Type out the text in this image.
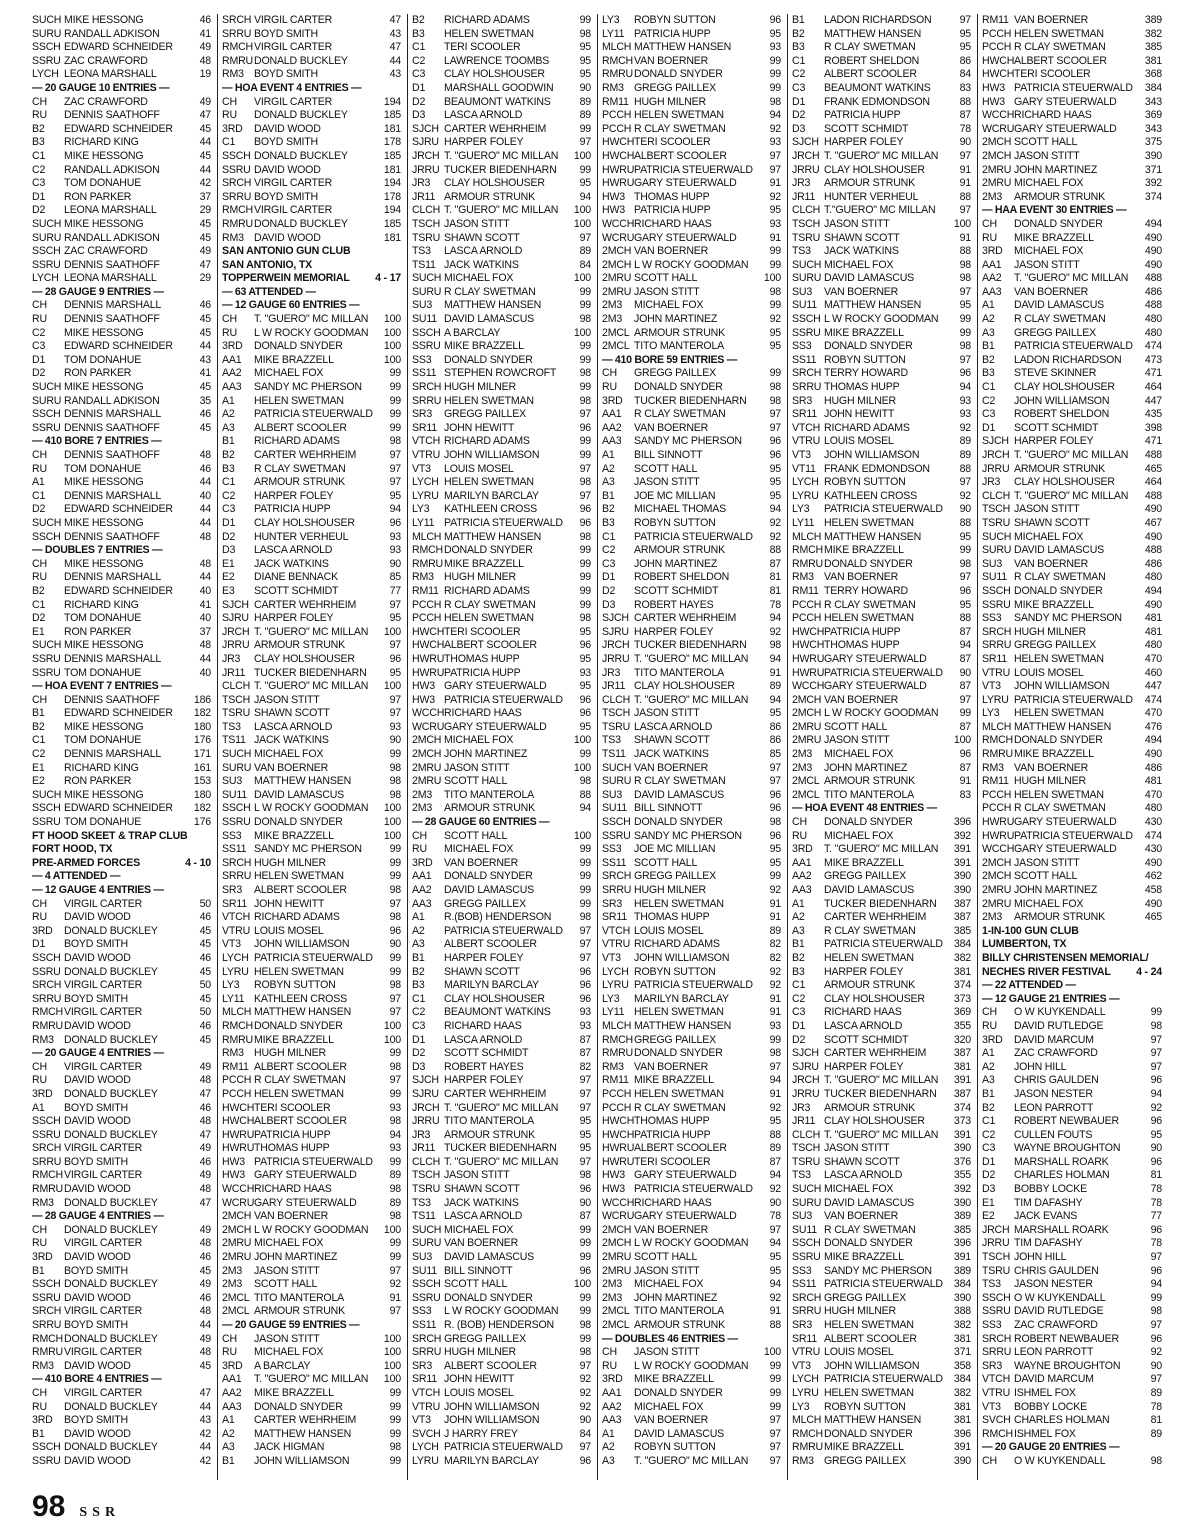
SUCH MIKE HESSONG	46
SURU RANDALL ADKISON	41
SSCH EDWARD SCHNEIDER	49
SSRU ZAC CRAWFORD	48
LYCH LEONA MARSHALL	19
— 20 GAUGE 10 ENTRIES —
CH	ZAC CRAWFORD	49
RU	DENNIS SAATHOFF	47
B2	EDWARD SCHNEIDER	45
B3	RICHARD KING	44
C1	MIKE HESSONG	45
C2	RANDALL ADKISON	44
C3	TOM DONAHUE	42
D1	RON PARKER	37
D2	LEONA MARSHALL	29
SUCH MIKE HESSONG	45
SURU RANDALL ADKISON	45
SSCH ZAC CRAWFORD	49
SSRU DENNIS SAATHOFF	47
LYCH LEONA MARSHALL	29
— 28 GAUGE 9 ENTRIES —
CH	DENNIS MARSHALL	46
RU	DENNIS SAATHOFF	45
C2	MIKE HESSONG	45
C3	EDWARD SCHNEIDER	44
D1	TOM DONAHUE	43
D2	RON PARKER	41
SUCH MIKE HESSONG	45
SURU RANDALL ADKISON	35
SSCH DENNIS MARSHALL	46
SSRU DENNIS SAATHOFF	45
— 410 BORE 7 ENTRIES —
CH	DENNIS SAATHOFF	48
RU	TOM DONAHUE	46
A1	MIKE HESSONG	44
C1	DENNIS MARSHALL	40
D2	EDWARD SCHNEIDER	44
SUCH MIKE HESSONG	44
SSCH DENNIS SAATHOFF	48
— DOUBLES 7 ENTRIES —
CH	MIKE HESSONG	48
RU	DENNIS MARSHALL	44
B2	EDWARD SCHNEIDER	40
C1	RICHARD KING	41
D2	TOM DONAHUE	40
E1	RON PARKER	37
SUCH MIKE HESSONG	48
SSRU DENNIS MARSHALL	44
SSRU TOM DONAHUE	40
— HOA EVENT 7 ENTRIES —
CH	DENNIS SAATHOFF	186
B1	EDWARD SCHNEIDER	182
B2	MIKE HESSONG	180
C1	TOM DONAHUE	176
C2	DENNIS MARSHALL	171
E1	RICHARD KING	161
E2	RON PARKER	153
SUCH MIKE HESSONG	180
SSCH EDWARD SCHNEIDER	182
SSRU TOM DONAHUE	176
FT HOOD SKEET & TRAP CLUB
FORT HOOD, TX
PRE-ARMED FORCES	4 - 10
— 4 ATTENDED —
— 12 GAUGE 4 ENTRIES —
CH	VIRGIL CARTER	50
RU	DAVID WOOD	46
3RD	DONALD BUCKLEY	45
D1	BOYD SMITH	45
SSCH DAVID WOOD	46
SSRU DONALD BUCKLEY	45
SRCH VIRGIL CARTER	50
SRRU BOYD SMITH	45
RMCH VIRGIL CARTER	50
RMRU DAVID WOOD	46
RM3 DONALD BUCKLEY	45
— 20 GAUGE 4 ENTRIES —
CH	VIRGIL CARTER	49
RU	DAVID WOOD	48
3RD	DONALD BUCKLEY	47
A1	BOYD SMITH	46
SSCH DAVID WOOD	48
SSRU DONALD BUCKLEY	47
SRCH VIRGIL CARTER	49
SRRU BOYD SMITH	46
RMCH VIRGIL CARTER	49
RMRU DAVID WOOD	48
RM3 DONALD BUCKLEY	47
— 28 GAUGE 4 ENTRIES —
CH	DONALD BUCKLEY	49
RU	VIRGIL CARTER	48
3RD	DAVID WOOD	46
B1	BOYD SMITH	45
SSCH DONALD BUCKLEY	49
SSRU DAVID WOOD	46
SRCH VIRGIL CARTER	48
SRRU BOYD SMITH	44
RMCH DONALD BUCKLEY	49
RMRU VIRGIL CARTER	48
RM3 DAVID WOOD	45
— 410 BORE 4 ENTRIES —
CH	VIRGIL CARTER	47
RU	DONALD BUCKLEY	44
3RD	BOYD SMITH	43
B1	DAVID WOOD	42
SSCH DONALD BUCKLEY	44
SSRU DAVID WOOD	42
SRCH VIRGIL CARTER	47
SRRU BOYD SMITH	43
RMCH VIRGIL CARTER	47
RMRU DONALD BUCKLEY	44
RM3 BOYD SMITH	43
— HOA EVENT 4 ENTRIES —
CH	VIRGIL CARTER	194
RU	DONALD BUCKLEY	185
3RD	DAVID WOOD	181
C1	BOYD SMITH	178
SSCH DONALD BUCKLEY	185
SSRU DAVID WOOD	181
SRCH VIRGIL CARTER	194
SRRU BOYD SMITH	178
RMCH VIRGIL CARTER	194
RMRU DONALD BUCKLEY	185
RM3 DAVID WOOD	181
SAN ANTONIO GUN CLUB
SAN ANTONIO, TX
TOPPERWEIN MEMORIAL 4 - 17
— 63 ATTENDED —
— 12 GAUGE 60 ENTRIES —
CH	T. "GUERO" MC MILLAN	100
RU	L W ROCKY GOODMAN	100
3RD	DONALD SNYDER	100
AA1	MIKE BRAZZELL	100
AA2	MICHAEL FOX	99
AA3	SANDY MC PHERSON	99
A1	HELEN SWETMAN	99
A2	PATRICIA STEUERWALD	99
A3	ALBERT SCOOLER	99
B1	RICHARD ADAMS	98
B2	CARTER WEHRHEIM	97
B3	R CLAY SWETMAN	97
C1	ARMOUR STRUNK	97
C2	HARPER FOLEY	95
C3	PATRICIA HUPP	94
D1	CLAY HOLSHOUSER	96
D2	HUNTER VERHEUL	93
D3	LASCA ARNOLD	93
E1	JACK WATKINS	90
E2	DIANE BENNACK	85
E3	SCOTT SCHMIDT	77
SJCH CARTER WEHRHEIM	97
SJRU HARPER FOLEY	95
JRCH T. "GUERO" MC MILLAN	100
JRRU ARMOUR STRUNK	97
JR3	CLAY HOLSHOUSER	96
JR11 TUCKER BIEDENHARN	95
CLCH T. "GUERO" MC MILLAN	100
TSCH JASON STITT	97
TSRU SHAWN SCOTT	97
TS3	LASCA ARNOLD	93
TS11 JACK WATKINS	90
SUCH MICHAEL FOX	99
SURU VAN BOERNER	98
SU3	MATTHEW HANSEN	98
SU11 DAVID LAMASCUS	98
SSCH L W ROCKY GOODMAN	100
SSRU DONALD SNYDER	100
SS3	MIKE BRAZZELL	100
SS11 SANDY MC PHERSON	99
SRCH HUGH MILNER	99
SRRU HELEN SWETMAN	99
SR3	ALBERT SCOOLER	98
SR11 JOHN HEWITT	97
VTCH RICHARD ADAMS	98
VTRU LOUIS MOSEL	96
VT3	JOHN WILLIAMSON	90
LYCH PATRICIA STEUERWALD	99
LYRU HELEN SWETMAN	99
LY3	ROBYN SUTTON	98
LY11 KATHLEEN CROSS	97
MLCH MATTHEW HANSEN	97
RMCH DONALD SNYDER	100
RMRU MIKE BRAZZELL	100
RM3 HUGH MILNER	99
RM11 ALBERT SCOOLER	98
PCCH R CLAY SWETMAN	97
PCCH HELEN SWETMAN	99
HWCH TERI SCOOLER	93
HWCH ALBERT SCOOLER	98
HWRU PATRICIA HUPP	94
HWRU THOMAS HUPP	93
HW3 PATRICIA STEUERWALD	99
HW3 GARY STEUERWALD	89
WCCH RICHARD HAAS	98
WCRU GARY STEUERWALD	89
2MCH VAN BOERNER	98
2MCH L W ROCKY GOODMAN	100
2MRU MICHAEL FOX	99
2MRU JOHN MARTINEZ	99
2M3	JASON STITT	97
2M3	SCOTT HALL	92
2MCL TITO MANTEROLA	91
2MCL ARMOUR STRUNK	97
— 20 GAUGE 59 ENTRIES —
CH	JASON STITT	100
RU	MICHAEL FOX	100
3RD	A BARCLAY	100
AA1	T. "GUERO" MC MILLAN	100
AA2	MIKE BRAZZELL	99
AA3	DONALD SNYDER	99
A1	CARTER WEHRHEIM	99
A2	MATTHEW HANSEN	99
A3	JACK HIGMAN	98
B1	JOHN WILLIAMSON	99
B2	RICHARD ADAMS	99
B3	HELEN SWETMAN	98
C1	TERI SCOOLER	95
C2	LAWRENCE TOOMBS	95
C3	CLAY HOLSHOUSER	95
D1	MARSHALL GOODWIN	90
D2	BEAUMONT WATKINS	89
D3	LASCA ARNOLD	89
SJCH CARTER WEHRHEIM	99
SJRU HARPER FOLEY	97
JRCH T. "GUERO" MC MILLAN	100
JRRU TUCKER BIEDENHARN	99
JR3	CLAY HOLSHOUSER	95
JR11 ARMOUR STRUNK	94
CLCH T. "GUERO" MC MILLAN	100
TSCH JASON STITT	100
TSRU SHAWN SCOTT	97
TS3	LASCA ARNOLD	89
TS11 JACK WATKINS	84
SUCH MICHAEL FOX	100
SURU R CLAY SWETMAN	99
SU3	MATTHEW HANSEN	99
SU11 DAVID LAMASCUS	98
SSCH A BARCLAY	100
SSRU MIKE BRAZZELL	99
SS3	DONALD SNYDER	99
SS11 STEPHEN ROWCROFT	98
SRCH HUGH MILNER	99
SRRU HELEN SWETMAN	98
SR3	GREGG PAILLEX	97
SR11 JOHN HEWITT	96
VTCH RICHARD ADAMS	99
VTRU JOHN WILLIAMSON	99
VT3	LOUIS MOSEL	97
LYCH HELEN SWETMAN	98
LYRU MARILYN BARCLAY	97
LY3	KATHLEEN CROSS	96
LY11 PATRICIA STEUERWALD	96
MLCH MATTHEW HANSEN	98
RMCH DONALD SNYDER	99
RMRU MIKE BRAZZELL	99
RM3 HUGH MILNER	99
RM11 RICHARD ADAMS	99
PCCH R CLAY SWETMAN	99
PCCH HELEN SWETMAN	98
HWCH TERI SCOOLER	95
HWCH ALBERT SCOOLER	96
HWRU THOMAS HUPP	95
HWRU PATRICIA HUPP	93
HW3 GARY STEUERWALD	95
HW3 PATRICIA STEUERWALD	96
WCCH RICHARD HAAS	96
WCRU GARY STEUERWALD	95
2MCH MICHAEL FOX	100
2MCH JOHN MARTINEZ	99
2MRU JASON STITT	100
2MRU SCOTT HALL	98
2M3	TITO MANTEROLA	88
2M3	ARMOUR STRUNK	94
— 28 GAUGE 60 ENTRIES —
CH	SCOTT HALL	100
RU	MICHAEL FOX	99
3RD	VAN BOERNER	99
AA1	DONALD SNYDER	99
AA2	DAVID LAMASCUS	99
AA3	GREGG PAILLEX	99
A1	R.(BOB) HENDERSON	98
A2	PATRICIA STEUERWALD	97
A3	ALBERT SCOOLER	97
B1	HARPER FOLEY	97
B2	SHAWN SCOTT	96
B3	MARILYN BARCLAY	96
C1	CLAY HOLSHOUSER	96
C2	BEAUMONT WATKINS	93
C3	RICHARD HAAS	93
D1	LASCA ARNOLD	87
D2	SCOTT SCHMIDT	87
D3	ROBERT HAYES	82
SJCH HARPER FOLEY	97
SJRU CARTER WEHRHEIM	97
JRCH T. "GUERO" MC MILLAN	97
JRRU TITO MANTEROLA	95
JR3	ARMOUR STRUNK	95
JR11 TUCKER BIEDENHARN	95
CLCH T. "GUERO" MC MILLAN	97
TSCH JASON STITT	98
TSRU SHAWN SCOTT	96
TS3	JACK WATKINS	90
TS11 LASCA ARNOLD	87
SUCH MICHAEL FOX	99
SURU VAN BOERNER	99
SU3	DAVID LAMASCUS	99
SU11 BILL SINNOTT	96
SSCH SCOTT HALL	100
SSRU DONALD SNYDER	99
SS3	L W ROCKY GOODMAN	99
SS11 R. (BOB) HENDERSON	98
SRCH GREGG PAILLEX	99
SRRU HUGH MILNER	98
SR3	ALBERT SCOOLER	97
SR11 JOHN HEWITT	92
VTCH LOUIS MOSEL	92
VTRU JOHN WILLIAMSON	92
VT3	JOHN WILLIAMSON	90
SVCH J HARRY FREY	84
LYCH PATRICIA STEUERWALD	97
LYRU MARILYN BARCLAY	96
LY3	ROBYN SUTTON	96
LY11 PATRICIA HUPP	95
MLCH MATTHEW HANSEN	93
RMCH VAN BOERNER	99
RMRU DONALD SNYDER	99
RM3 GREGG PAILLEX	99
RM11 HUGH MILNER	98
PCCH HELEN SWETMAN	94
PCCH R CLAY SWETMAN	92
HWCH TERI SCOOLER	93
HWCH ALBERT SCOOLER	97
HWRU PATRICIA STEUERWALD	97
HWRU GARY STEUERWALD	91
HW3 THOMAS HUPP	92
HW3 PATRICIA HUPP	95
WCCH RICHARD HAAS	93
WCRU GARY STEUERWALD	91
2MCH VAN BOERNER	99
2MCH L W ROCKY GOODMAN	99
2MRU SCOTT HALL	100
2MRU JASON STITT	98
2M3	MICHAEL FOX	99
2M3	JOHN MARTINEZ	92
2MCL ARMOUR STRUNK	95
2MCL TITO MANTEROLA	95
— 410 BORE 59 ENTRIES —
CH	GREGG PAILLEX	99
RU	DONALD SNYDER	98
3RD	TUCKER BIEDENHARN	98
AA1	R CLAY SWETMAN	97
AA2	VAN BOERNER	97
AA3	SANDY MC PHERSON	96
A1	BILL SINNOTT	96
A2	SCOTT HALL	95
A3	JASON STITT	95
B1	JOE MC MILLIAN	95
B2	MICHAEL THOMAS	94
B3	ROBYN SUTTON	92
C1	PATRICIA STEUERWALD	92
C2	ARMOUR STRUNK	88
C3	JOHN MARTINEZ	87
D1	ROBERT SHELDON	81
D2	SCOTT SCHMIDT	81
D3	ROBERT HAYES	78
SJCH CARTER WEHRHEIM	94
SJRU HARPER FOLEY	92
JRCH TUCKER BIEDENHARN	98
JRRU T. "GUERO" MC MILLAN	94
JR3	TITO MANTEROLA	91
JR11 CLAY HOLSHOUSER	89
CLCH T. "GUERO" MC MILLAN	94
TSCH JASON STITT	95
TSRU LASCA ARNOLD	86
TS3	SHAWN SCOTT	86
TS11 JACK WATKINS	85
SUCH VAN BOERNER	97
SURU R CLAY SWETMAN	97
SU3	DAVID LAMASCUS	96
SU11 BILL SINNOTT	96
SSCH DONALD SNYDER	98
SSRU SANDY MC PHERSON	96
SS3	JOE MC MILLIAN	95
SS11 SCOTT HALL	95
SRCH GREGG PAILLEX	99
SRRU HUGH MILNER	92
SR3	HELEN SWETMAN	91
SR11 THOMAS HUPP	91
VTCH LOUIS MOSEL	89
VTRU RICHARD ADAMS	82
VT3	JOHN WILLIAMSON	82
LYCH ROBYN SUTTON	92
LYRU PATRICIA STEUERWALD	92
LY3	MARILYN BARCLAY	91
LY11 HELEN SWETMAN	91
MLCH MATTHEW HANSEN	93
RMCH GREGG PAILLEX	99
RMRU DONALD SNYDER	98
RM3 VAN BOERNER	97
RM11 MIKE BRAZZELL	94
PCCH HELEN SWETMAN	91
PCCH R CLAY SWETMAN	92
HWCH THOMAS HUPP	95
HWCH PATRICIA HUPP	88
HWRU ALBERT SCOOLER	89
HWRU TERI SCOOLER	87
HW3 GARY STEUERWALD	94
HW3 PATRICIA STEUERWALD	92
WCCH RICHARD HAAS	90
WCRU GARY STEUERWALD	78
2MCH VAN BOERNER	97
2MCH L W ROCKY GOODMAN	94
2MRU SCOTT HALL	95
2MRU JASON STITT	95
2M3	MICHAEL FOX	94
2M3	JOHN MARTINEZ	92
2MCL TITO MANTEROLA	91
2MCL ARMOUR STRUNK	88
— DOUBLES 46 ENTRIES —
CH	JASON STITT	100
RU	L W ROCKY GOODMAN	99
3RD	MIKE BRAZZELL	99
AA1	DONALD SNYDER	99
AA2	MICHAEL FOX	99
AA3	VAN BOERNER	97
A1	DAVID LAMASCUS	97
A2	ROBYN SUTTON	97
A3	T. "GUERO" MC MILLAN	97
B1	LADON RICHARDSON	97
B2	MATTHEW HANSEN	95
B3	R CLAY SWETMAN	95
C1	ROBERT SHELDON	86
C2	ALBERT SCOOLER	84
C3	BEAUMONT WATKINS	83
D1	FRANK EDMONDSON	88
D2	PATRICIA HUPP	87
D3	SCOTT SCHMIDT	78
SJCH HARPER FOLEY	90
JRCH T. "GUERO" MC MILLAN	97
JRRU CLAY HOLSHOUSER	91
JR3	ARMOUR STRUNK	91
JR11 HUNTER VERHEUL	88
CLCH T."GUERO" MC MILLAN	97
TSCH JASON STITT	100
TSRU SHAWN SCOTT	91
TS3	JACK WATKINS	88
SUCH MICHAEL FOX	98
SURU DAVID LAMASCUS	98
SU3	VAN BOERNER	97
SU11 MATTHEW HANSEN	95
SSCH L W ROCKY GOODMAN	99
SSRU MIKE BRAZZELL	99
SS3	DONALD SNYDER	98
SS11 ROBYN SUTTON	97
SRCH TERRY HOWARD	96
SRRU THOMAS HUPP	94
SR3	HUGH MILNER	93
SR11 JOHN HEWITT	93
VTCH RICHARD ADAMS	92
VTRU LOUIS MOSEL	89
VT3	JOHN WILLIAMSON	89
VT11 FRANK EDMONDSON	88
LYCH ROBYN SUTTON	97
LYRU KATHLEEN CROSS	92
LY3	PATRICIA STEUERWALD	90
LY11 HELEN SWETMAN	88
MLCH MATTHEW HANSEN	95
RMCH MIKE BRAZZELL	99
RMRU DONALD SNYDER	98
RM3 VAN BOERNER	97
RM11 TERRY HOWARD	96
PCCH R CLAY SWETMAN	95
PCCH HELEN SWETMAN	88
HWCH PATRICIA HUPP	87
HWCH THOMAS HUPP	94
HWRU GARY STEUERWALD	87
HWRU PATRICIA STEUERWALD	90
WCCH GARY STEUERWALD	87
2MCH VAN BOERNER	97
2MCH L W ROCKY GOODMAN	99
2MRU SCOTT HALL	87
2MRU JASON STITT	100
2M3	MICHAEL FOX	96
2M3	JOHN MARTINEZ	87
2MCL ARMOUR STRUNK	91
2MCL TITO MANTEROLA	83
— HOA EVENT 48 ENTRIES —
CH	DONALD SNYDER	396
RU	MICHAEL FOX	392
3RD	T. "GUERO" MC MILLAN	391
AA1	MIKE BRAZZELL	391
AA2	GREGG PAILLEX	390
AA3	DAVID LAMASCUS	390
A1	TUCKER BIEDENHARN	387
A2	CARTER WEHRHEIM	387
A3	R CLAY SWETMAN	385
B1	PATRICIA STEUERWALD	384
B2	HELEN SWETMAN	382
B3	HARPER FOLEY	381
C1	ARMOUR STRUNK	374
C2	CLAY HOLSHOUSER	373
C3	RICHARD HAAS	369
D1	LASCA ARNOLD	355
D2	SCOTT SCHMIDT	320
SJCH CARTER WEHRHEIM	387
SJRU HARPER FOLEY	381
JRCH T. "GUERO" MC MILLAN	391
JRRU TUCKER BIEDENHARN	387
JR3	ARMOUR STRUNK	374
JR11 CLAY HOLSHOUSER	373
CLCH T. "GUERO" MC MILLAN	391
TSCH JASON STITT	390
TSRU SHAWN SCOTT	376
TS3	LASCA ARNOLD	355
SUCH MICHAEL FOX	392
SURU DAVID LAMASCUS	390
SU3	VAN BOERNER	389
SU11 R CLAY SWETMAN	385
SSCH DONALD SNYDER	396
SSRU MIKE BRAZZELL	391
SS3	SANDY MC PHERSON	389
SS11 PATRICIA STEUERWALD	384
SRCH GREGG PAILLEX	390
SRRU HUGH MILNER	388
SR3	HELEN SWETMAN	382
SR11 ALBERT SCOOLER	381
VTRU LOUIS MOSEL	371
VT3	JOHN WILLIAMSON	358
LYCH PATRICIA STEUERWALD	384
LYRU HELEN SWETMAN	382
LY3	ROBYN SUTTON	381
MLCH MATTHEW HANSEN	381
RMCH DONALD SNYDER	396
RMRU MIKE BRAZZELL	391
RM3 GREGG PAILLEX	390
RM11 VAN BOERNER	389
PCCH HELEN SWETMAN	382
PCCH R CLAY SWETMAN	385
HWCH ALBERT SCOOLER	381
HWCH TERI SCOOLER	368
HW3 PATRICIA STEUERWALD	384
HW3 GARY STEUERWALD	343
WCCH RICHARD HAAS	369
WCRU GARY STEUERWALD	343
2MCH SCOTT HALL	375
2MCH JASON STITT	390
2MRU JOHN MARTINEZ	371
2MRU MICHAEL FOX	392
2M3	ARMOUR STRUNK	374
— HAA EVENT 30 ENTRIES —
CH	DONALD SNYDER	494
RU	MIKE BRAZZELL	490
3RD	MICHAEL FOX	490
AA1	JASON STITT	490
AA2	T. "GUERO" MC MILLAN	488
AA3	VAN BOERNER	486
A1	DAVID LAMASCUS	488
A2	R CLAY SWETMAN	480
A3	GREGG PAILLEX	480
B1	PATRICIA STEUERWALD	474
B2	LADON RICHARDSON	473
B3	STEVE SKINNER	471
C1	CLAY HOLSHOUSER	464
C2	JOHN WILLIAMSON	447
C3	ROBERT SHELDON	435
D1	SCOTT SCHMIDT	398
SJCH HARPER FOLEY	471
JRCH T. "GUERO" MC MILLAN	488
JRRU ARMOUR STRUNK	465
JR3	CLAY HOLSHOUSER	464
CLCH T. "GUERO" MC MILLAN	488
TSCH JASON STITT	490
TSRU SHAWN SCOTT	467
SUCH MICHAEL FOX	490
SURU DAVID LAMASCUS	488
SU3	VAN BOERNER	486
SU11 R CLAY SWETMAN	480
SSCH DONALD SNYDER	494
SSRU MIKE BRAZZELL	490
SS3	SANDY MC PHERSON	481
SRCH HUGH MILNER	481
SRRU GREGG PAILLEX	480
SR11 HELEN SWETMAN	470
VTRU LOUIS MOSEL	460
VT3	JOHN WILLIAMSON	447
LYRU PATRICIA STEUERWALD	474
LY3	HELEN SWETMAN	470
MLCH MATTHEW HANSEN	476
RMCH DONALD SNYDER	494
RMRU MIKE BRAZZELL	490
RM3 VAN BOERNER	486
RM11 HUGH MILNER	481
PCCH HELEN SWETMAN	470
PCCH R CLAY SWETMAN	480
HWRU GARY STEUERWALD	430
HWRU PATRICIA STEUERWALD	474
WCCH GARY STEUERWALD	430
2MCH JASON STITT	490
2MCH SCOTT HALL	462
2MRU JOHN MARTINEZ	458
2MRU MICHAEL FOX	490
2M3	ARMOUR STRUNK	465
1-IN-100 GUN CLUB
LUMBERTON, TX
BILLY CHRISTENSEN MEMORIAL/
NECHES RIVER FESTIVAL 4 - 24
— 22 ATTENDED —
— 12 GAUGE 21 ENTRIES —
CH	O W KUYKENDALL	99
RU	DAVID RUTLEDGE	98
3RD	DAVID MARCUM	97
A1	ZAC CRAWFORD	97
A2	JOHN HILL	97
A3	CHRIS GAULDEN	96
B1	JASON NESTER	94
B2	LEON PARROTT	92
C1	ROBERT NEWBAUER	96
C2	CULLEN FOUTS	95
C3	WAYNE BROUGHTON	90
D1	MARSHALL ROARK	96
D2	CHARLES HOLMAN	81
D3	BOBBY LOCKE	78
E1	TIM DAFASHY	78
E2	JACK EVANS	77
JRCH MARSHALL ROARK	96
JRRU TIM DAFASHY	78
TSCH JOHN HILL	97
TSRU CHRIS GAULDEN	96
TS3	JASON NESTER	94
SSCH O W KUYKENDALL	99
SSRU DAVID RUTLEDGE	98
SS3	ZAC CRAWFORD	97
SRCH ROBERT NEWBAUER	96
SRRU LEON PARROTT	92
SR3	WAYNE BROUGHTON	90
VTCH DAVID MARCUM	97
VTRU ISHMEL FOX	89
VT3	BOBBY LOCKE	78
SVCH CHARLES HOLMAN	81
RMCH ISHMEL FOX	89
— 20 GAUGE 20 ENTRIES —
CH	O W KUYKENDALL	98
98 SSR
